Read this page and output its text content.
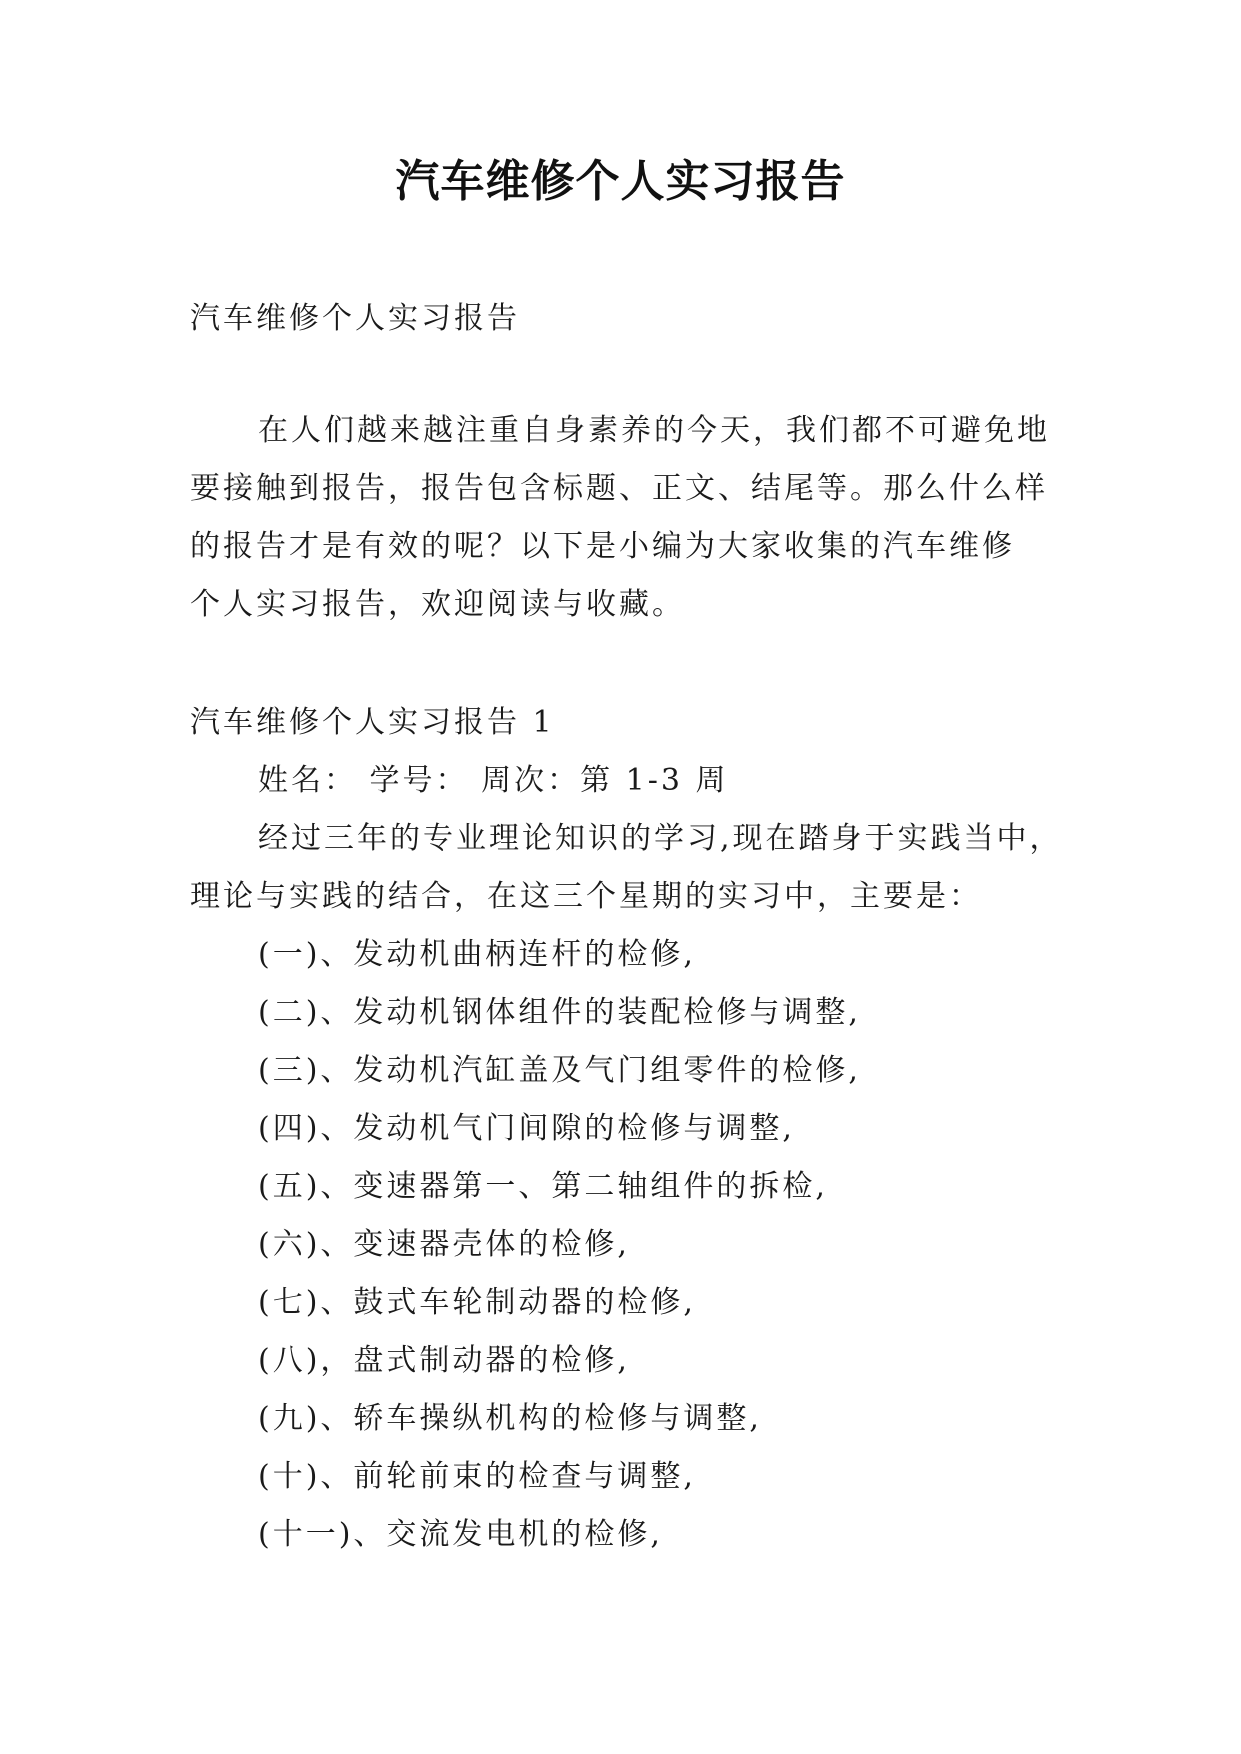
汽车维修个人实习报告
汽车维修个人实习报告
在人们越来越注重自身素养的今天，我们都不可避免地
要接触到报告，报告包含标题、正文、结尾等。那么什么样
的报告才是有效的呢？以下是小编为大家收集的汽车维修
个人实习报告，欢迎阅读与收藏。
汽车维修个人实习报告 1
姓名： 学号： 周次：第 1-3 周
经过三年的专业理论知识的学习,现在踏身于实践当中，
理论与实践的结合，在这三个星期的实习中，主要是：
(一)、发动机曲柄连杆的检修,
(二)、发动机钢体组件的装配检修与调整,
(三)、发动机汽缸盖及气门组零件的检修,
(四)、发动机气门间隙的检修与调整,
(五)、变速器第一、第二轴组件的拆检,
(六)、变速器壳体的检修,
(七)、鼓式车轮制动器的检修,
(八)，盘式制动器的检修,
(九)、轿车操纵机构的检修与调整,
(十)、前轮前束的检查与调整,
(十一)、交流发电机的检修,
